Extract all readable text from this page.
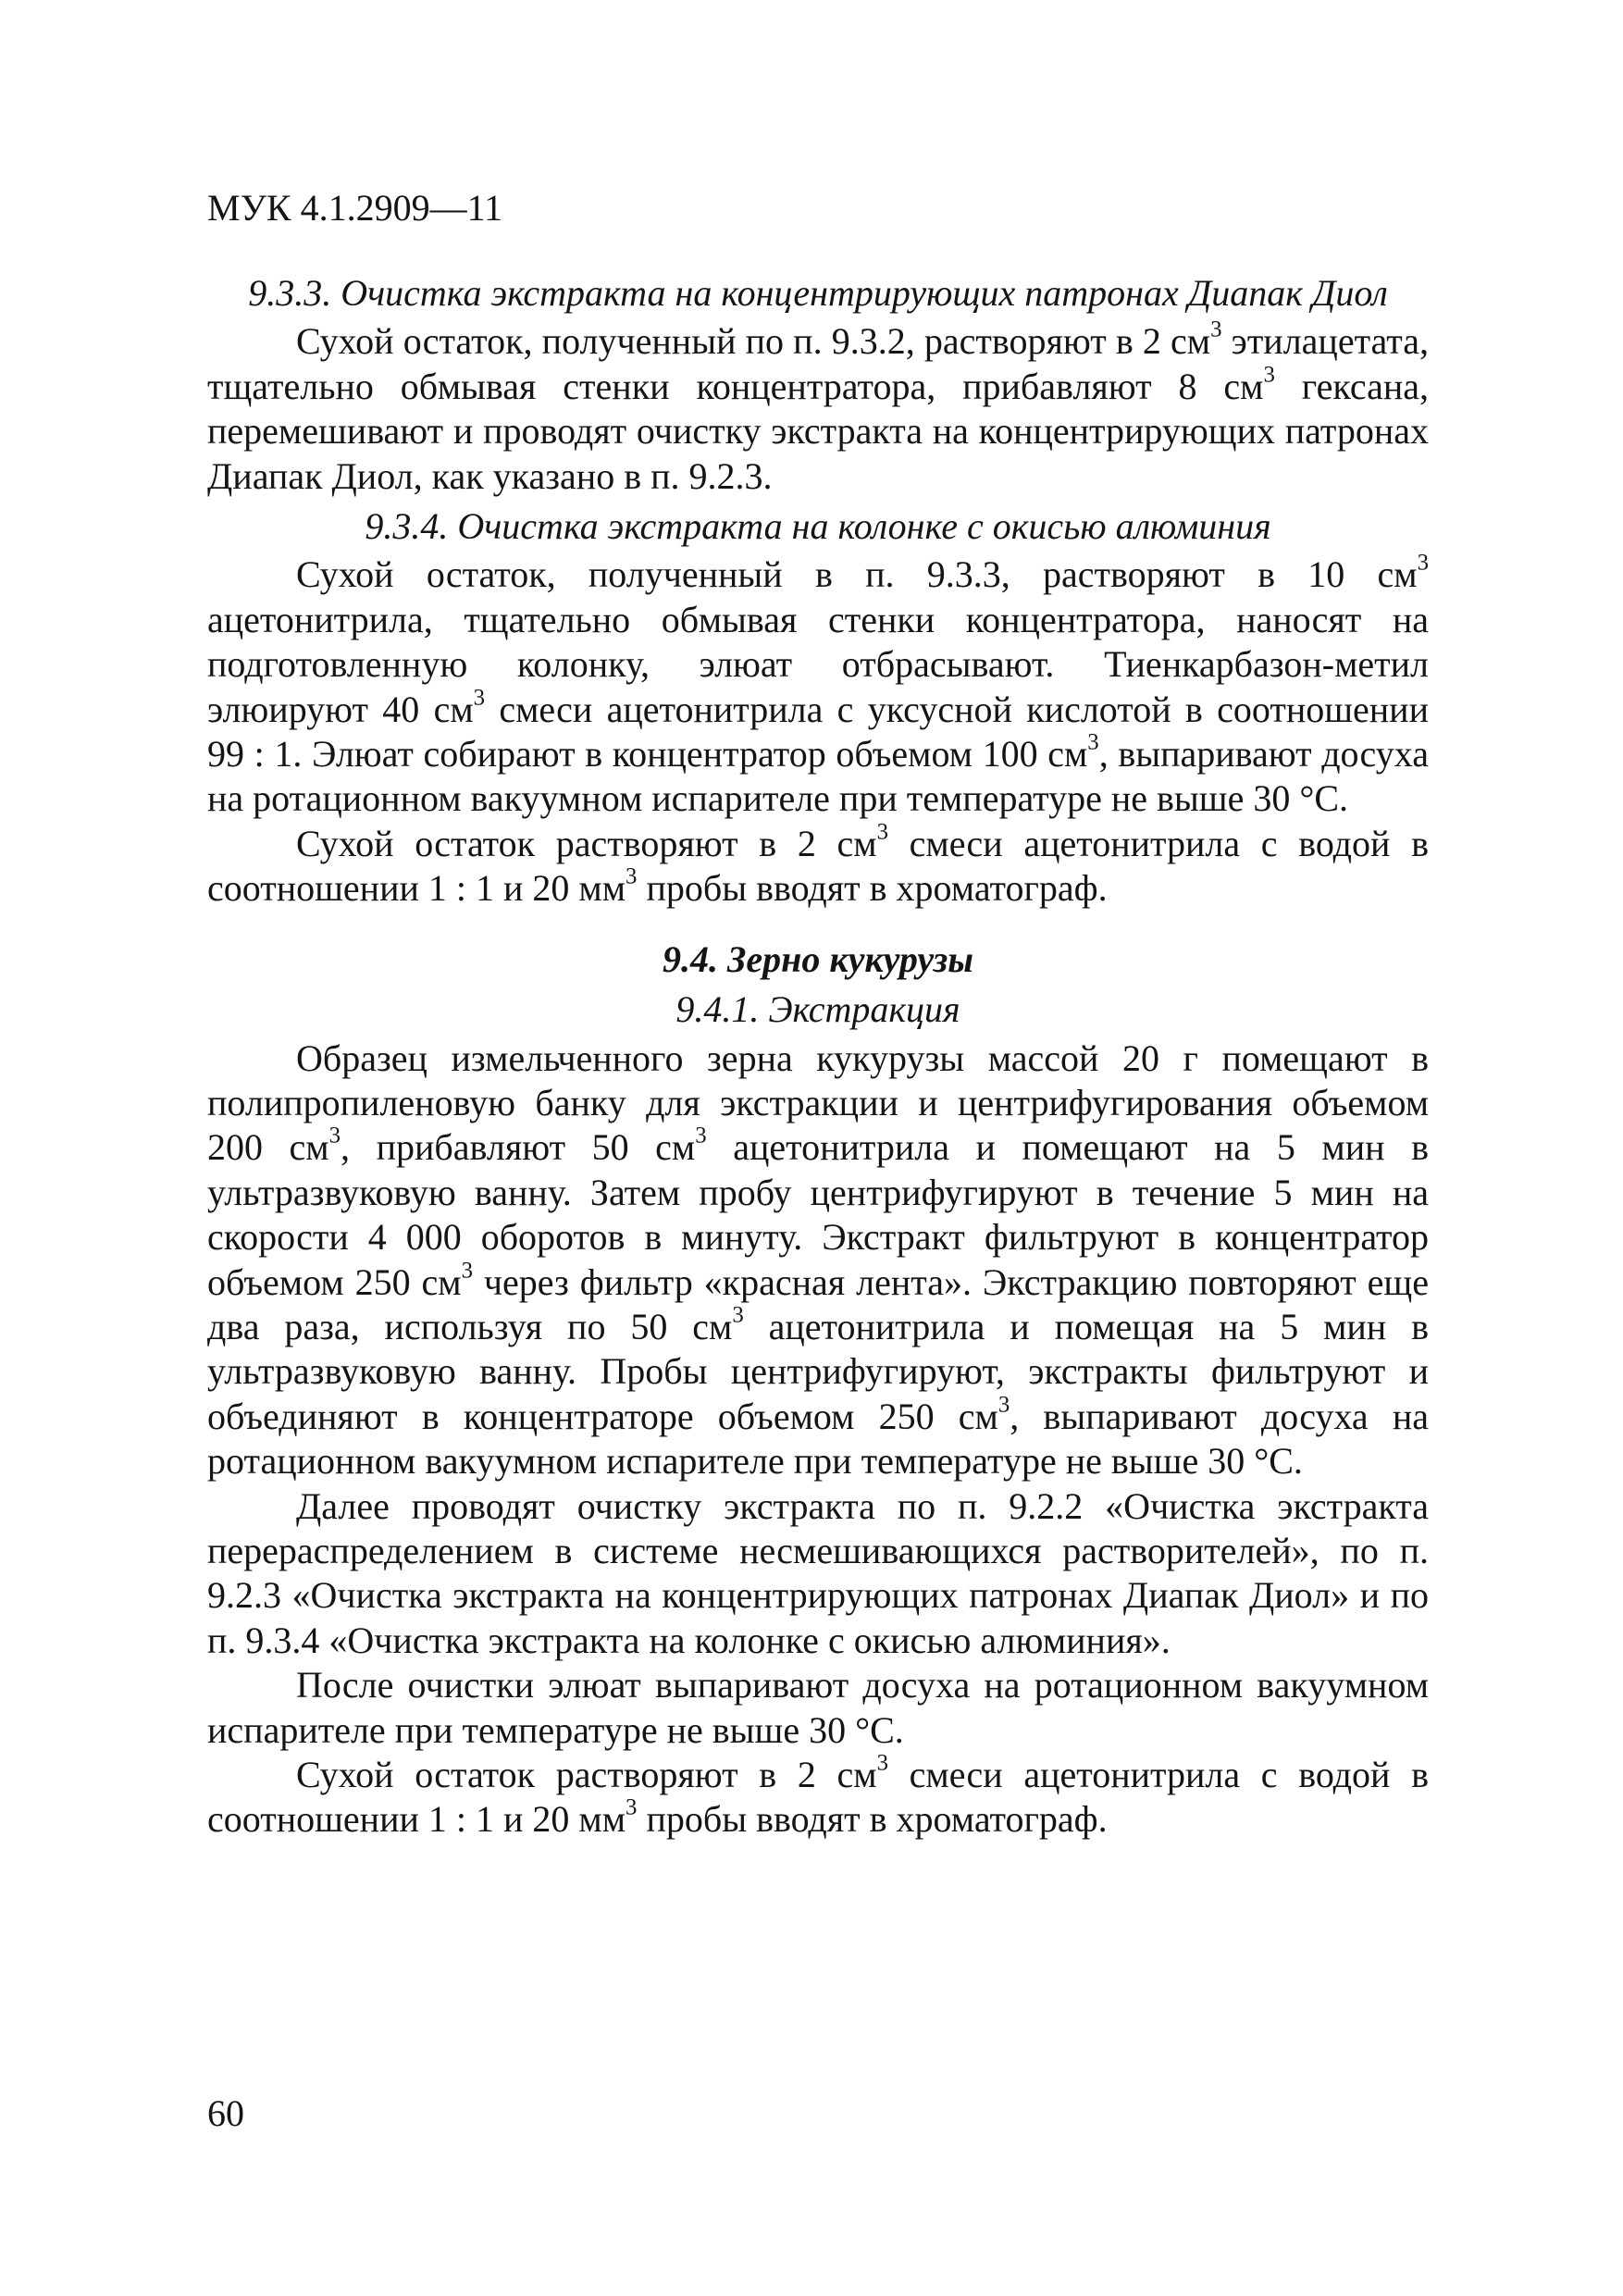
МУК 4.1.2909—11
9.3.3. Очистка экстракта на концентрирующих патронах Диапак Диол

Сухой остаток, полученный по п. 9.3.2, растворяют в 2 $см^3$ этилацетата, тщательно обмывая стенки концентратора, прибавляют 8 $см^3$ гексана, перемешивают и проводят очистку экстракта на концентрирующих патронах Диапак Диол, как указано в п. 9.2.3.

9.3.4. Очистка экстракта на колонке с окисью алюминия

Сухой остаток, полученный в п. 9.3.3, растворяют в 10 $см^3$ ацетонитрила, тщательно обмывая стенки концентратора, наносят на подготовленную колонку, элюат отбрасывают. Тиенкарбазон-метил элюируют 40 $см^3$ смеси ацетонитрила с уксусной кислотой в соотношении 99 : 1. Элюат собирают в концентратор объемом 100 $см^3$, выпаривают досуха на ротационном вакуумном испарителе при температуре не выше 30 °С.

Сухой остаток растворяют в 2 $см^3$ смеси ацетонитрила с водой в соотношении 1 : 1 и 20 $мм^3$ пробы вводят в хроматограф.

9.4. Зерно кукурузы
9.4.1. Экстракция

Образец измельченного зерна кукурузы массой 20 г помещают в полипропиленовую банку для экстракции и центрифугирования объемом 200 $см^3$, прибавляют 50 $см^3$ ацетонитрила и помещают на 5 мин в ультразвуковую ванну. Затем пробу центрифугируют в течение 5 мин на скорости 4 000 оборотов в минуту. Экстракт фильтруют в концентратор объемом 250 $см^3$ через фильтр «красная лента». Экстракцию повторяют еще два раза, используя по 50 $см^3$ ацетонитрила и помещая на 5 мин в ультразвуковую ванну. Пробы центрифугируют, экстракты фильтруют и объединяют в концентраторе объемом 250 $см^3$, выпаривают досуха на ротационном вакуумном испарителе при температуре не выше 30 °С.

Далее проводят очистку экстракта по п. 9.2.2 «Очистка экстракта перераспределением в системе несмешивающихся растворителей», по п. 9.2.3 «Очистка экстракта на концентрирующих патронах Диапак Диол» и по п. 9.3.4 «Очистка экстракта на колонке с окисью алюминия».

После очистки элюат выпаривают досуха на ротационном вакуумном испарителе при температуре не выше 30 °С.

Сухой остаток растворяют в 2 $см^3$ смеси ацетонитрила с водой в соотношении 1 : 1 и 20 $мм^3$ пробы вводят в хроматограф.

60
